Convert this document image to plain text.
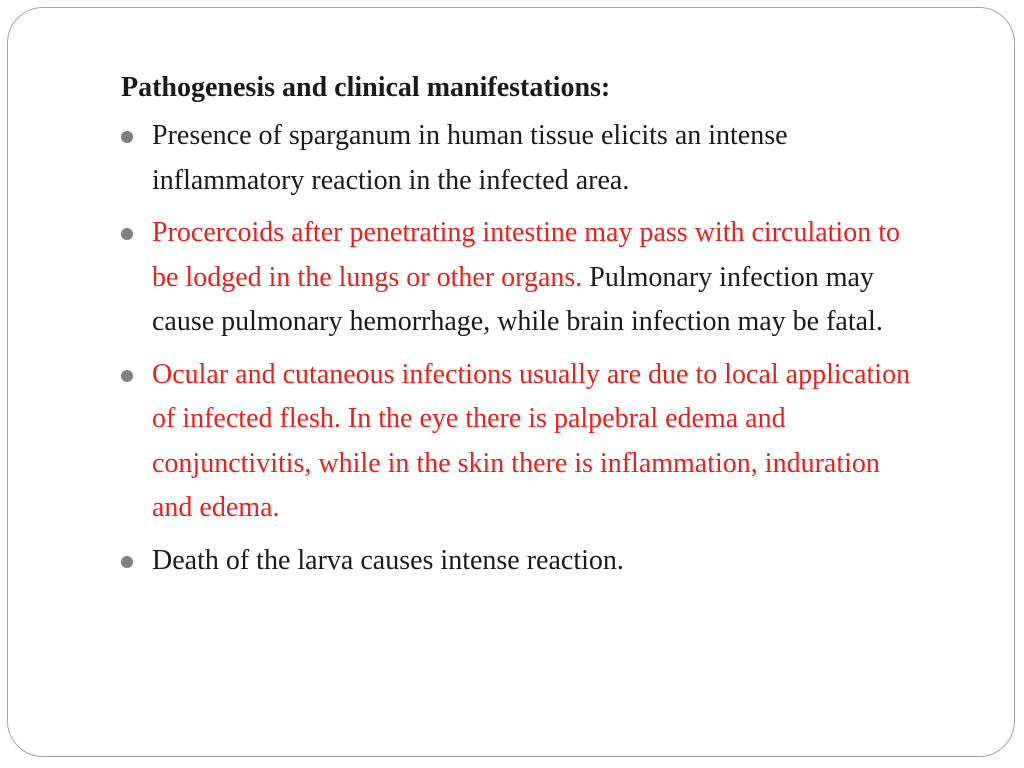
Pathogenesis and clinical manifestations:
Presence of sparganum in human tissue elicits an intense inflammatory reaction in the infected area.
Procercoids after penetrating intestine may pass with circulation to be lodged in the lungs or other organs. Pulmonary infection may cause pulmonary hemorrhage, while brain infection may be fatal.
Ocular and cutaneous infections usually are due to local application of infected flesh. In the eye there is palpebral edema and conjunctivitis, while in the skin there is inflammation, induration and edema.
Death of the larva causes intense reaction.
